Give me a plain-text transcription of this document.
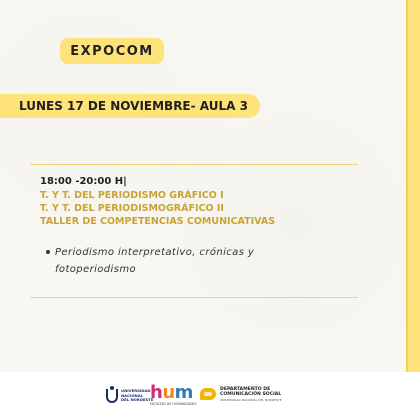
EXPOCOM
LUNES 17 DE NOVIEMBRE- AULA 3
18:00 -20:00 H|
T. Y T. DEL PERIODISMO GRÁFICO I
T. Y T. DEL PERIODISMOGRÁFICO II
TALLER DE COMPETENCIAS COMUNICATIVAS
Periodismo interpretativo, crónicas y fotoperiodismo
UNIVERSIDAD
NACIONAL
DEL NORDESTE
hum
FACULTAD DE HUMANIDADES
DEPARTAMENTO DE
COMUNICACIÓN SOCIAL
UNIVERSIDAD NACIONAL DEL NORDESTE
